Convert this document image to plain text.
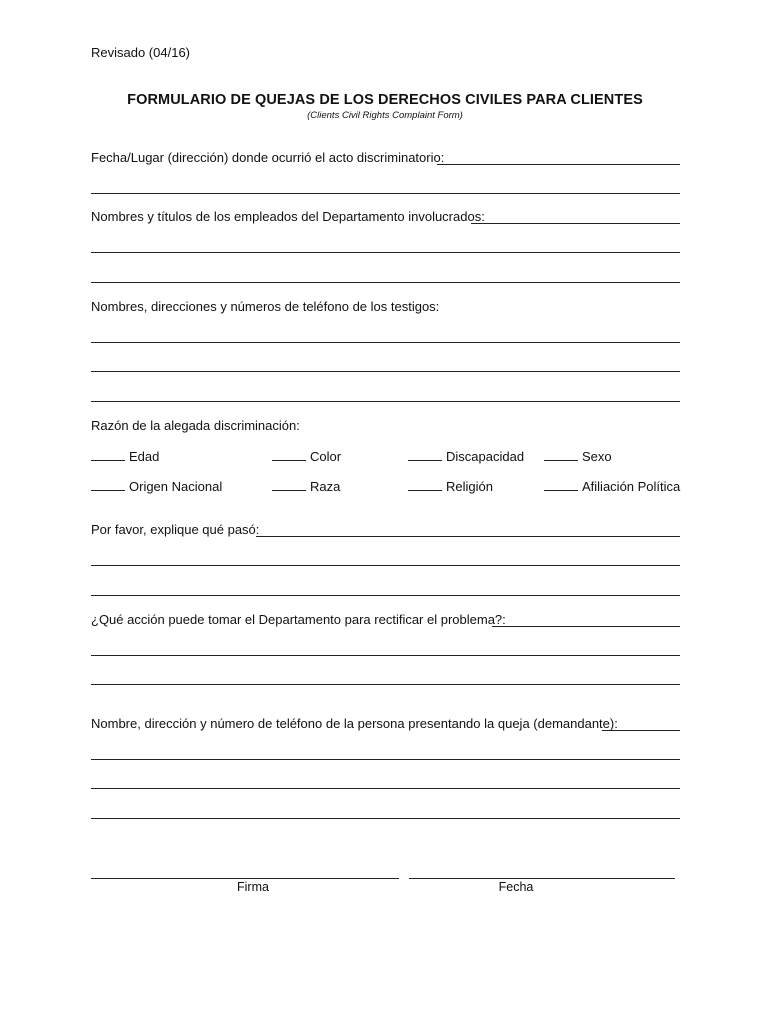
Revisado (04/16)
FORMULARIO DE QUEJAS DE LOS DERECHOS CIVILES PARA CLIENTES
(Clients Civil Rights Complaint Form)
Fecha/Lugar (dirección) donde ocurrió el acto discriminatorio:
Nombres y títulos de los empleados del Departamento involucrados:
Nombres, direcciones y números de teléfono de los testigos:
Razón de la alegada discriminación:
Edad	Color	Discapacidad	Sexo
Origen Nacional	Raza	Religión	Afiliación Política
Por favor, explique qué pasó:
¿Qué acción puede tomar el Departamento para rectificar el problema?:
Nombre, dirección y número de teléfono de la persona presentando la queja (demandante):
Firma	Fecha
